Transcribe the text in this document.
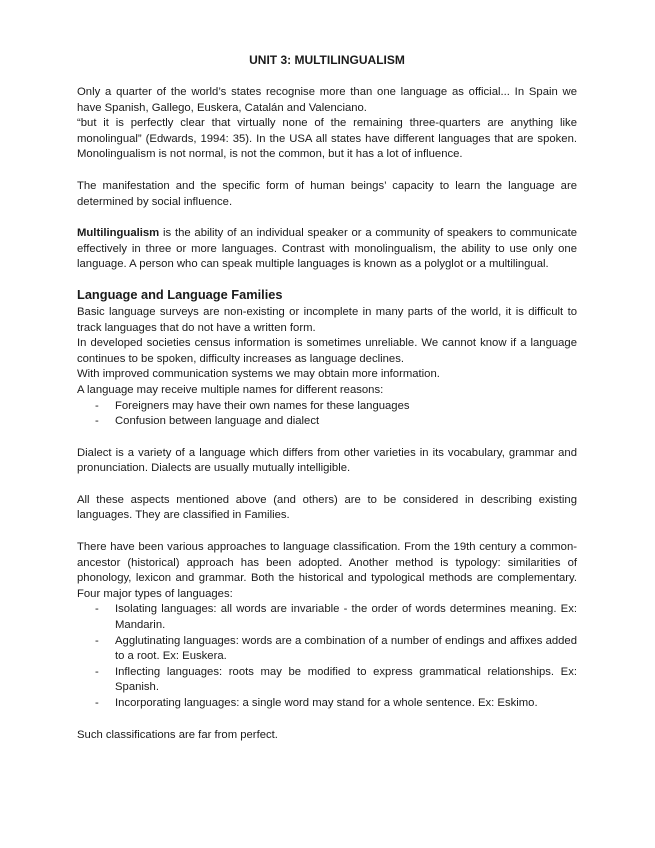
UNIT 3: MULTILINGUALISM

Only a quarter of the world’s states recognise more than one language as official... In Spain we have Spanish, Gallego, Euskera, Catalán and Valenciano.
“but it is perfectly clear that virtually none of the remaining three-quarters are anything like monolingual” (Edwards, 1994: 35). In the USA all states have different languages that are spoken. Monolingualism is not normal, is not the common, but it has a lot of influence.

The manifestation and the specific form of human beings’ capacity to learn the language are determined by social influence.

Multilingualism is the ability of an individual speaker or a community of speakers to communicate effectively in three or more languages. Contrast with monolingualism, the ability to use only one language. A person who can speak multiple languages is known as a polyglot or a multilingual.

Language and Language Families

Basic language surveys are non-existing or incomplete in many parts of the world, it is difficult to track languages that do not have a written form.

In developed societies census information is sometimes unreliable. We cannot know if a language continues to be spoken, difficulty increases as language declines.

With improved communication systems we may obtain more information.

A language may receive multiple names for different reasons:

- Foreigners may have their own names for these languages
- Confusion between language and dialect

Dialect is a variety of a language which differs from other varieties in its vocabulary, grammar and pronunciation. Dialects are usually mutually intelligible.

All these aspects mentioned above (and others) are to be considered in describing existing languages. They are classified in Families.

There have been various approaches to language classification. From the 19th century a common-ancestor (historical) approach has been adopted. Another method is typology: similarities of phonology, lexicon and grammar. Both the historical and typological methods are complementary. Four major types of languages:

- Isolating languages: all words are invariable - the order of words determines meaning. Ex: Mandarin.
- Agglutinating languages: words are a combination of a number of endings and affixes added to a root. Ex: Euskera.
- Inflecting languages: roots may be modified to express grammatical relationships. Ex: Spanish.
- Incorporating languages: a single word may stand for a whole sentence. Ex: Eskimo.

Such classifications are far from perfect.
